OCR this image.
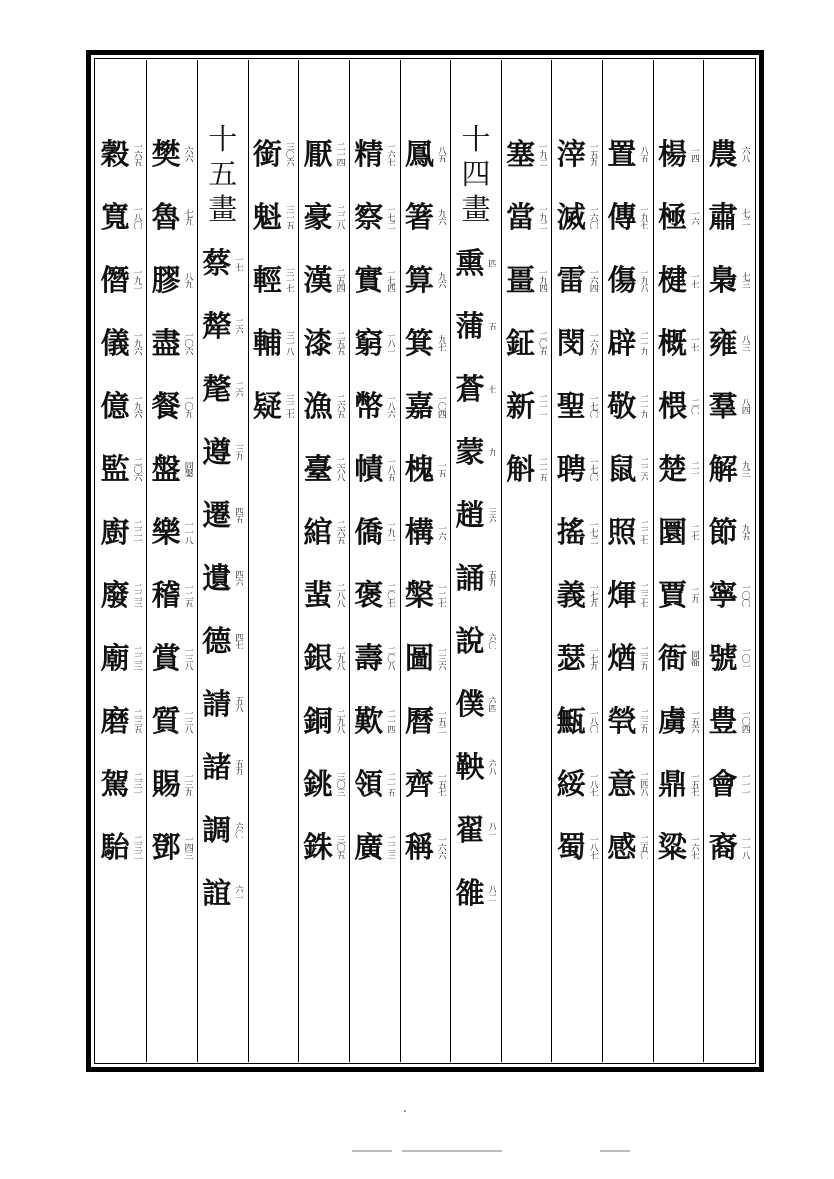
農 六八
肅 七二
梟 七三
雍 八三
羣 八四
解 九三
節 九五
寧 一〇〇
號 一〇一
豊 一〇四
會 一一一
裔 一一八
楊 一四
極 一六
楗 一七
概 一七
椳 二〇
楚 二一
圜 二七
賈 二九
衙 同衙
虜 一五六
鼎 一五七
粱 一六七
置 八五
傳 一九七
傷 一九八
辟 二一九
敬 二一九
鼠 二二六
照 二二七
煇 二三七
煪 二三九
煢 二三九
意 二四八
感 二五〇
滓 一五九
滅 一六〇
雷 一六四
閔 一六九
聖 一七〇
聘 一七〇
搖 一七二
義 一七九
瑟 一七九
甒 一八〇
綏 一八七
蜀 一八七
塞 一九二
當 一九二
畺 一九四
鉦 二〇五
新 二一一
斛 二一五
十
四
畫
熏 四
蒲 五
蒼 七
蒙 九
趙 三六
誦 五九
說 六〇
僕 六四
鞅 六八
翟 八一
雒 八二
鳳 八五
箸 九六
算 九六
箕 九七
嘉 一〇四
槐 一五
構 一六
槃 一二七
圖 一三六
曆 一五二
齊 一五七
稱 一六六
精 一六七
察 一七二
實 一七四
窮 一八一
幣 一八六
幘 一八五
僑 一九一
褒 二〇七
壽 二〇八
歎 二一四
領 二一五
廣 二二三
厭 二一四
豪 二二八
漢 二五四
漆 二五五
漁 二六五
臺 二六八
綰 二六五
蜚 二八八
銀 二九八
銅 二九八
銚 三〇三
銖 三〇五
銜 三〇六
魁 三一五
輕 三一七
輔 三一八
疑 三二七
十
五
畫
蔡 一七
犛 二六
氂 二六
遵 三九
遷 四五
遺 四六
德 四七
請 五八
諸 五九
調 六〇
誼 六一
樊 六六
魯 七九
膠 八九
盡 一〇六
餐 一〇九
盤 同槃
樂 一一八
稽 一二五
賞 一三八
質 一三八
賜 一三九
鄧 一四三
穀 一六五
寬 一八〇
僭 一九一
儀 一九六
億 一九六
監 二〇六
廚 二二一
廢 二二三
廟 二二三
磨 二三五
駕 二三一
駘 二三二
